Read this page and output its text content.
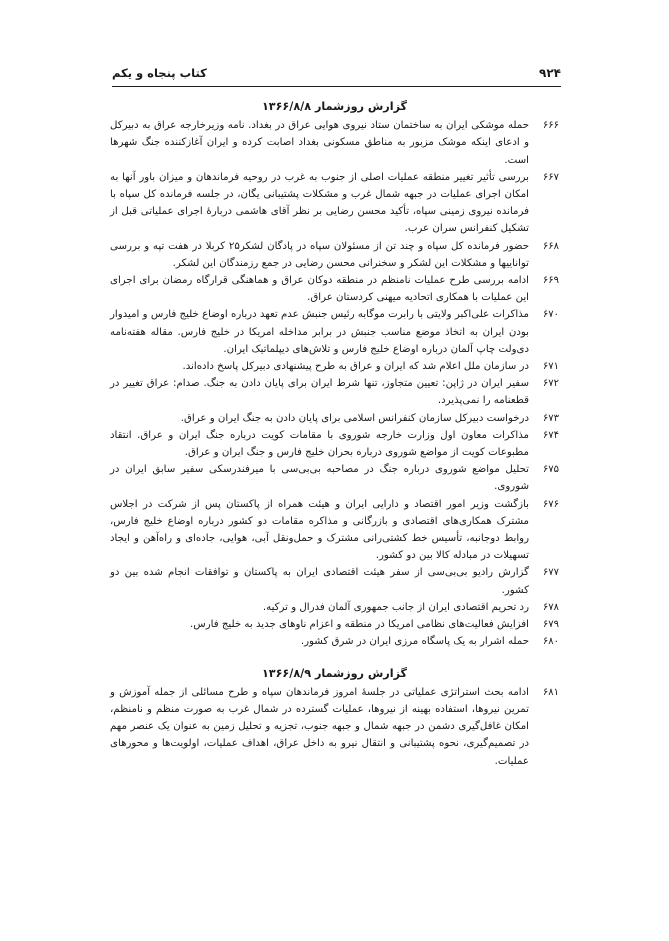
۹۲۴
کتاب پنجاه و یکم
گزارش روزشمار ۱۳۶۶/۸/۸
۶۶۶
حمله موشکی ایران به ساختمان ستاد نیروی هوایی عراق در بغداد. نامه وزیرخارجه عراق به دبیرکل و ادعای اینکه موشک مزبور به مناطق مسکونی بغداد اصابت کرده و ایران آغازکننده جنگ شهرها است.
۶۶۷
بررسی تأثیر تغییر منطقه عملیات اصلی از جنوب به غرب در روحیه فرماندهان و میزان باور آنها به امکان اجرای عملیات در جبهه شمال غرب و مشکلات پشتیبانی یگان، در جلسه فرمانده کل سپاه با فرمانده نیروی زمینی سپاه، تأکید محسن رضایی بر نظر آقای هاشمی دربارهٔ اجرای عملیاتی قبل از تشکیل کنفرانس سران عرب.
۶۶۸
حضور فرمانده کل سپاه و چند تن از مسئولان سپاه در پادگان لشکر۲۵ کربلا در هفت تپه و بررسی تواناییها و مشکلات این لشکر و سخنرانی محسن رضایی در جمع رزمندگان این لشکر.
۶۶۹
ادامه بررسی طرح عملیات نامنظم در منطقه دوکان عراق و هماهنگی قرارگاه رمضان برای اجرای این عملیات با همکاری اتحادیه میهنی کردستان عراق.
۶۷۰
مذاکرات علی‌اکبر ولایتی با رابرت موگابه رئیس جنبش عدم تعهد درباره اوضاع خلیج فارس و امیدوار بودن ایران به اتخاذ موضع مناسب جنبش در برابر مداخله امریکا در خلیج فارس. مقاله هفته‌نامه دی‌ولت چاپ آلمان درباره اوضاع خلیج فارس و تلاش‌های دیپلماتیک ایران.
۶۷۱
در سازمان ملل اعلام شد که ایران و عراق به طرح پیشنهادی دبیرکل پاسخ داده‌اند.
۶۷۲
سفیر ایران در ژاپن: تعیین متجاوز، تنها شرط ایران برای پایان دادن به جنگ. صدام: عراق تغییر در قطعنامه را نمی‌پذیرد.
۶۷۳
درخواست دبیرکل سازمان کنفرانس اسلامی برای پایان دادن به جنگ ایران و عراق.
۶۷۴
مذاکرات معاون اول وزارت خارجه شوروی با مقامات کویت درباره جنگ ایران و عراق. انتقاد مطبوعات کویت از مواضع شوروی درباره بحران خلیج فارس و جنگ ایران و عراق.
۶۷۵
تحلیل مواضع شوروی درباره جنگ در مصاحبه بی‌بی‌سی با میرفندرسکی سفیر سابق ایران در شوروی.
۶۷۶
بازگشت وزیر امور اقتصاد و دارایی ایران و هیئت همراه از پاکستان پس از شرکت در اجلاس مشترک همکاری‌های اقتصادی و بازرگانی و مذاکره مقامات دو کشور درباره اوضاع خلیج فارس، روابط دوجانبه، تأسیس خط کشتی‌رانی مشترک و حمل‌ونقل آبی، هوایی، جاده‌ای و راه‌آهن و ایجاد تسهیلات در مبادله کالا بین دو کشور.
۶۷۷
گزارش رادیو بی‌بی‌سی از سفر هیئت اقتصادی ایران به پاکستان و توافقات انجام شده بین دو کشور.
۶۷۸
رد تحریم اقتصادی ایران از جانب جمهوری آلمان فدرال و ترکیه.
۶۷۹
افزایش فعالیت‌های نظامی امریکا در منطقه و اعزام ناوهای جدید به خلیج فارس.
۶۸۰
حمله اشرار به یک پاسگاه مرزی ایران در شرق کشور.
گزارش روزشمار ۱۳۶۶/۸/۹
۶۸۱
ادامه بحث استراتژی عملیاتی در جلسهٔ امروز فرماندهان سپاه و طرح مسائلی از جمله آموزش و تمرین نیروها، استفاده بهینه از نیروها، عملیات گسترده در شمال غرب به صورت منظم و نامنظم، امکان غافل‌گیری دشمن در جبهه شمال و جبهه جنوب، تجزیه و تحلیل زمین به عنوان یک عنصر مهم در تصمیم‌گیری، نحوه پشتیبانی و انتقال نیرو به داخل عراق، اهداف عملیات، اولویت‌ها و محورهای عملیات.
